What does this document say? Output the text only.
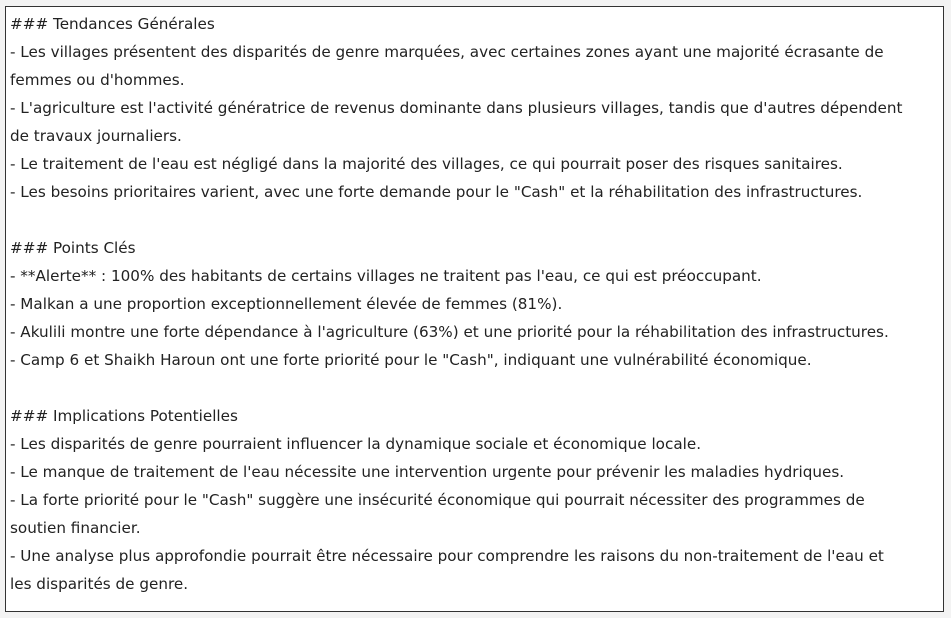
### Tendances Générales
- Les villages présentent des disparités de genre marquées, avec certaines zones ayant une majorité écrasante de
femmes ou d'hommes.
- L'agriculture est l'activité génératrice de revenus dominante dans plusieurs villages, tandis que d'autres dépendent
de travaux journaliers.
- Le traitement de l'eau est négligé dans la majorité des villages, ce qui pourrait poser des risques sanitaires.
- Les besoins prioritaires varient, avec une forte demande pour le "Cash" et la réhabilitation des infrastructures.
### Points Clés
- **Alerte** : 100% des habitants de certains villages ne traitent pas l'eau, ce qui est préoccupant.
- Malkan a une proportion exceptionnellement élevée de femmes (81%).
- Akulili montre une forte dépendance à l'agriculture (63%) et une priorité pour la réhabilitation des infrastructures.
- Camp 6 et Shaikh Haroun ont une forte priorité pour le "Cash", indiquant une vulnérabilité économique.
### Implications Potentielles
- Les disparités de genre pourraient influencer la dynamique sociale et économique locale.
- Le manque de traitement de l'eau nécessite une intervention urgente pour prévenir les maladies hydriques.
- La forte priorité pour le "Cash" suggère une insécurité économique qui pourrait nécessiter des programmes de
soutien financier.
- Une analyse plus approfondie pourrait être nécessaire pour comprendre les raisons du non-traitement de l'eau et
les disparités de genre.
